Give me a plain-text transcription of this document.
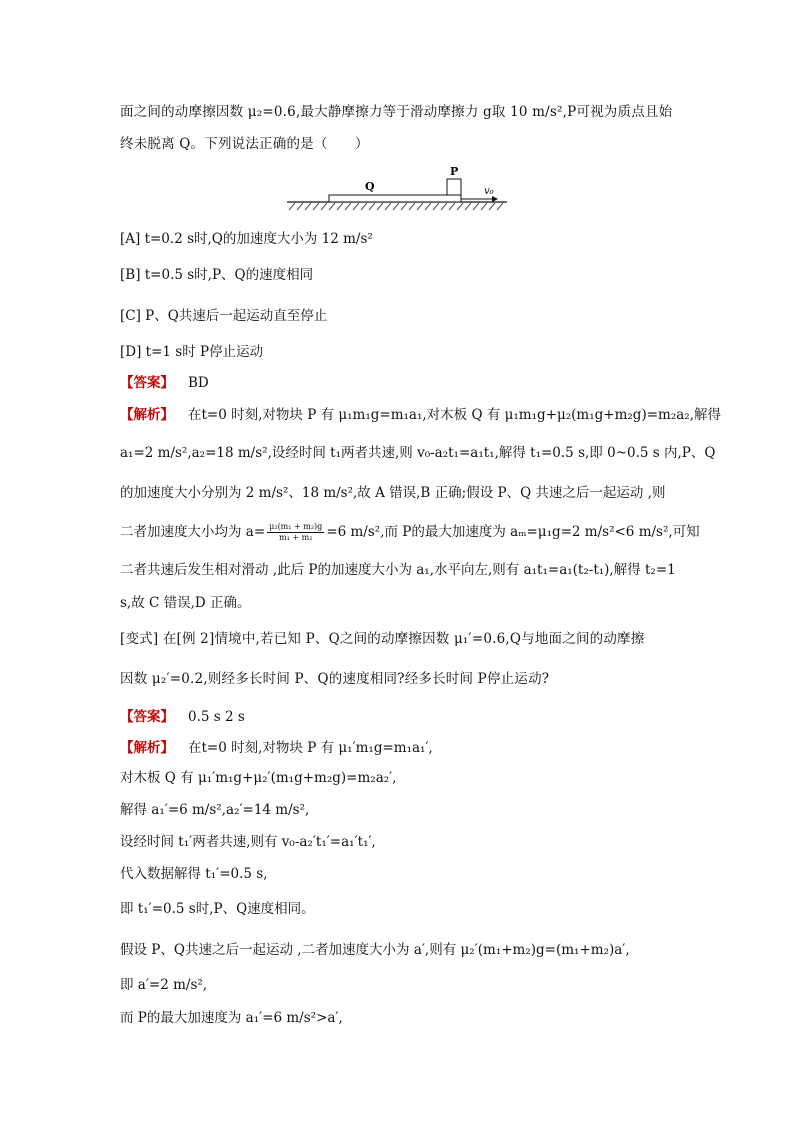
面之间的动摩擦因数 μ₂=0.6,最大静摩擦力等于滑动摩擦力 g取 10 m/s²,P可视为质点且始
终未脱离 Q。下列说法正确的是（　　）
Q
P
v₀
[A] t=0.2 s时,Q的加速度大小为 12 m/s²
[B] t=0.5 s时,P、Q的速度相同
[C] P、Q共速后一起运动直至停止
[D] t=1 s时 P停止运动
【答案】 BD
【解析】 在t=0 时刻,对物块 P 有 μ₁m₁g=m₁a₁,对木板 Q 有 μ₁m₁g+μ₂(m₁g+m₂g)=m₂a₂,解得
a₁=2 m/s²,a₂=18 m/s²,设经时间 t₁两者共速,则 v₀-a₂t₁=a₁t₁,解得 t₁=0.5 s,即 0~0.5 s 内,P、Q
的加速度大小分别为 2 m/s²、18 m/s²,故 A 错误,B 正确;假设 P、Q 共速之后一起运动 ,则
二者加速度大小均为 $a= \frac{\text{μ₂(m₁ + m₂)g}}{\text{m₁ + m₂}} =6$ m/s²,而 P的最大加速度为 aₘ=μ₁g=2 m/s²<6 m/s²,可知
二者共速后发生相对滑动 ,此后 P的加速度大小为 a₁,水平向左,则有 a₁t₁=a₁(t₂-t₁),解得 t₂=1
s,故 C 错误,D 正确。
[变式] 在[例 2]情境中,若已知 P、Q之间的动摩擦因数 μ₁′=0.6,Q与地面之间的动摩擦
因数 μ₂′=0.2,则经多长时间 P、Q的速度相同?经多长时间 P停止运动?
【答案】 0.5 s 2 s
【解析】 在t=0 时刻,对物块 P 有 μ₁′m₁g=m₁a₁′,
对木板 Q 有 μ₁′m₁g+μ₂′(m₁g+m₂g)=m₂a₂′,
解得 a₁′=6 m/s²,a₂′=14 m/s²,
设经时间 t₁′两者共速,则有 v₀-a₂′t₁′=a₁′t₁′,
代入数据解得 t₁′=0.5 s,
即 t₁′=0.5 s时,P、Q速度相同。
假设 P、Q共速之后一起运动 ,二者加速度大小为 a′,则有 μ₂′(m₁+m₂)g=(m₁+m₂)a′,
即 a′=2 m/s²,
而 P的最大加速度为 a₁′=6 m/s²>a′,
